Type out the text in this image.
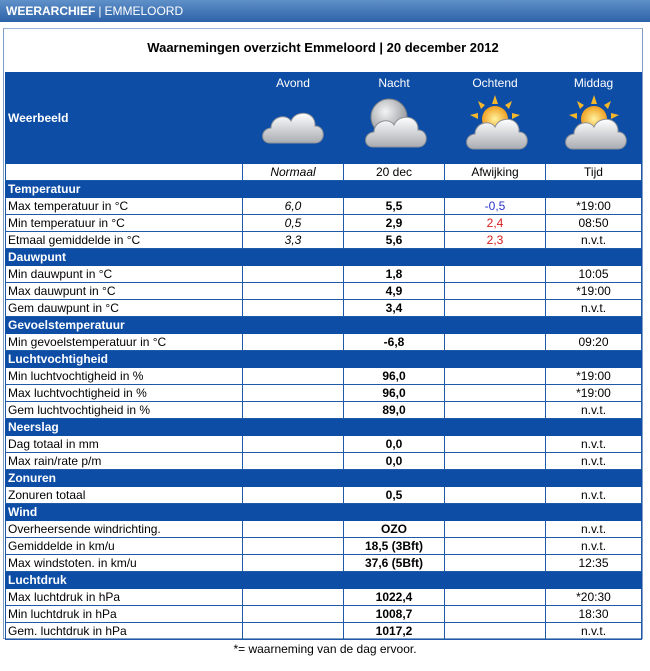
WEERARCHIEF | EMMELOORD
Waarnemingen overzicht Emmeloord | 20 december 2012
Weerbeeld	Avond	Nacht	Ochtend	Middag

	Normaal	20 dec	Afwijking	Tijd
Temperatuur				
Max temperatuur in °C	6,0	5,5	-0,5	*19:00
Min temperatuur in °C	0,5	2,9	2,4	08:50
Etmaal gemiddelde in °C	3,3	5,6	2,3	n.v.t.
Dauwpunt				
Min dauwpunt in °C		1,8		10:05
Max dauwpunt in °C		4,9		*19:00
Gem dauwpunt in °C		3,4		n.v.t.
Gevoelstemperatuur				
Min gevoelstemperatuur in °C		-6,8		09:20
Luchtvochtigheid				
Min luchtvochtigheid in %		96,0		*19:00
Max luchtvochtigheid in %		96,0		*19:00
Gem luchtvochtigheid in %		89,0		n.v.t.
Neerslag				
Dag totaal in mm		0,0		n.v.t.
Max rain/rate p/m		0,0		n.v.t.
Zonuren				
Zonuren totaal		0,5		n.v.t.
Wind				
Overheersende windrichting.		OZO		n.v.t.
Gemiddelde in km/u		18,5 (3Bft)		n.v.t.
Max windstoten. in km/u		37,6 (5Bft)		12:35
Luchtdruk				
Max luchtdruk in hPa		1022,4		*20:30
Min luchtdruk in hPa		1008,7		18:30
Gem. luchtdruk in hPa		1017,2		n.v.t.
*= waarneming van de dag ervoor.
